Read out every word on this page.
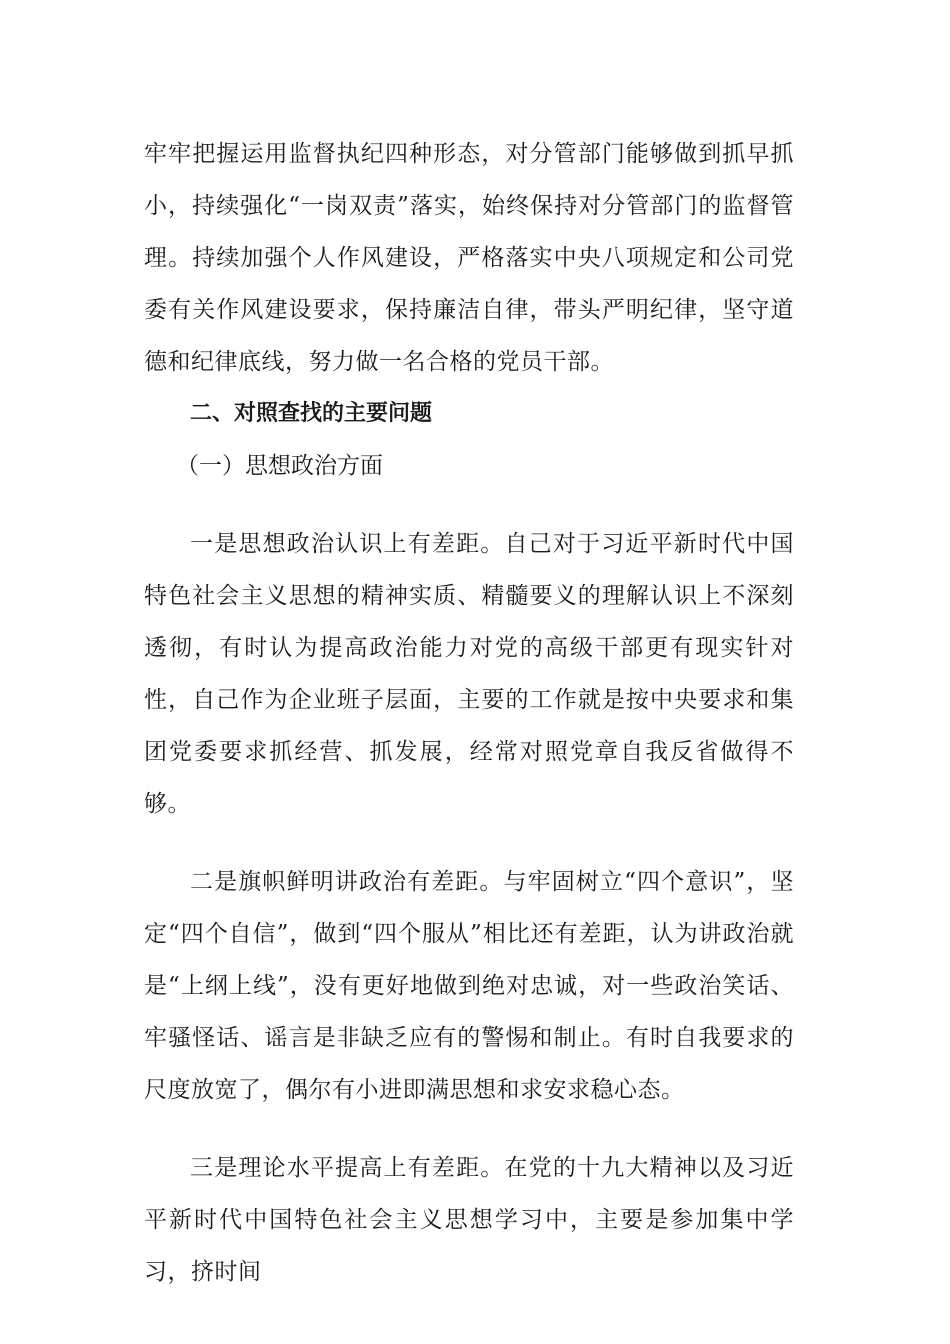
牢牢把握运用监督执纪四种形态，对分管部门能够做到抓早抓小，持续强化“一岗双责”落实，始终保持对分管部门的监督管理。持续加强个人作风建设，严格落实中央八项规定和公司党委有关作风建设要求，保持廉洁自律，带头严明纪律，坚守道德和纪律底线，努力做一名合格的党员干部。

二、对照查找的主要问题

（一）思想政治方面

一是思想政治认识上有差距。自己对于习近平新时代中国特色社会主义思想的精神实质、精髓要义的理解认识上不深刻透彻，有时认为提高政治能力对党的高级干部更有现实针对性，自己作为企业班子层面，主要的工作就是按中央要求和集团党委要求抓经营、抓发展，经常对照党章自我反省做得不够。

二是旗帜鲜明讲政治有差距。与牢固树立“四个意识”，坚定“四个自信”，做到“四个服从”相比还有差距，认为讲政治就是“上纲上线”，没有更好地做到绝对忠诚，对一些政治笑话、牢骚怪话、谣言是非缺乏应有的警惕和制止。有时自我要求的尺度放宽了，偶尔有小进即满思想和求安求稳心态。

三是理论水平提高上有差距。在党的十九大精神以及习近平新时代中国特色社会主义思想学习中，主要是参加集中学习，挤时间
